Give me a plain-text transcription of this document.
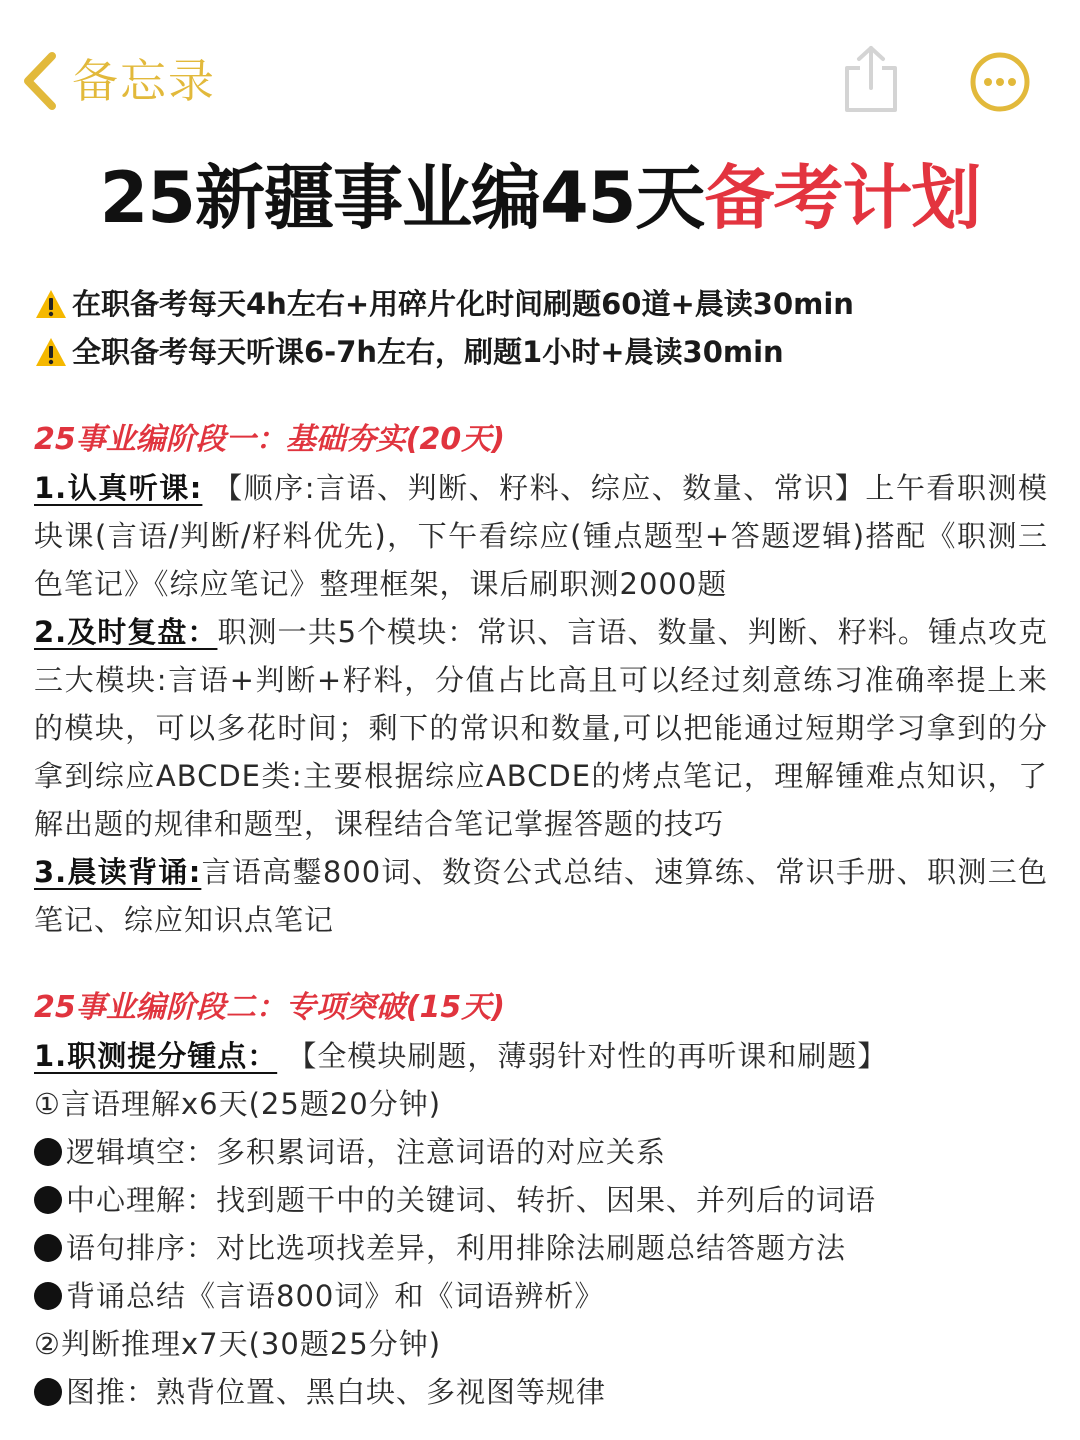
备忘录
25新疆事业编45天备考计划
在职备考每天4h左右+用碎片化时间刷题60道+晨读30min
全职备考每天听课6-7h左右，刷题1小时+晨读30min
25事业编阶段一：基础夯实(20天)

1.认真听课: 【顺序:言语、判断、籽料、综应、数量、常识】上午看职测模块课(言语/判断/籽料优先)，下午看综应(锺点题型+答题逻辑)搭配《职测三色笔记》《综应笔记》整理框架，课后刷职测2000题

2.及时复盘：职测一共5个模块：常识、言语、数量、判断、籽料。锺点攻克三大模块:言语+判断+籽料，分值占比高且可以经过刻意练习准确率提上来的模块，可以多花时间；剩下的常识和数量,可以把能通过短期学习拿到的分拿到综应ABCDE类:主要根据综应ABCDE的烤点笔记，理解锺难点知识，了解出题的规律和题型，课程结合笔记掌握答题的技巧

3.晨读背诵:言语高鑋800词、数资公式总结、速算练、常识手册、职测三色笔记、综应知识点笔记

25事业编阶段二：专项突破(15天)
1.职测提分锺点： 【全模块刷题，薄弱针对性的再听课和刷题】
①言语理解x6天(25题20分钟)
逻辑填空：多积累词语，注意词语的对应关系
中心理解：找到题干中的关键词、转折、因果、并列后的词语
语句排序：对比选项找差异，利用排除法刷题总结答题方法
背诵总结《言语800词》和《词语辨析》
②判断推理x7天(30题25分钟)
图推：熟背位置、黑白块、多视图等规律
